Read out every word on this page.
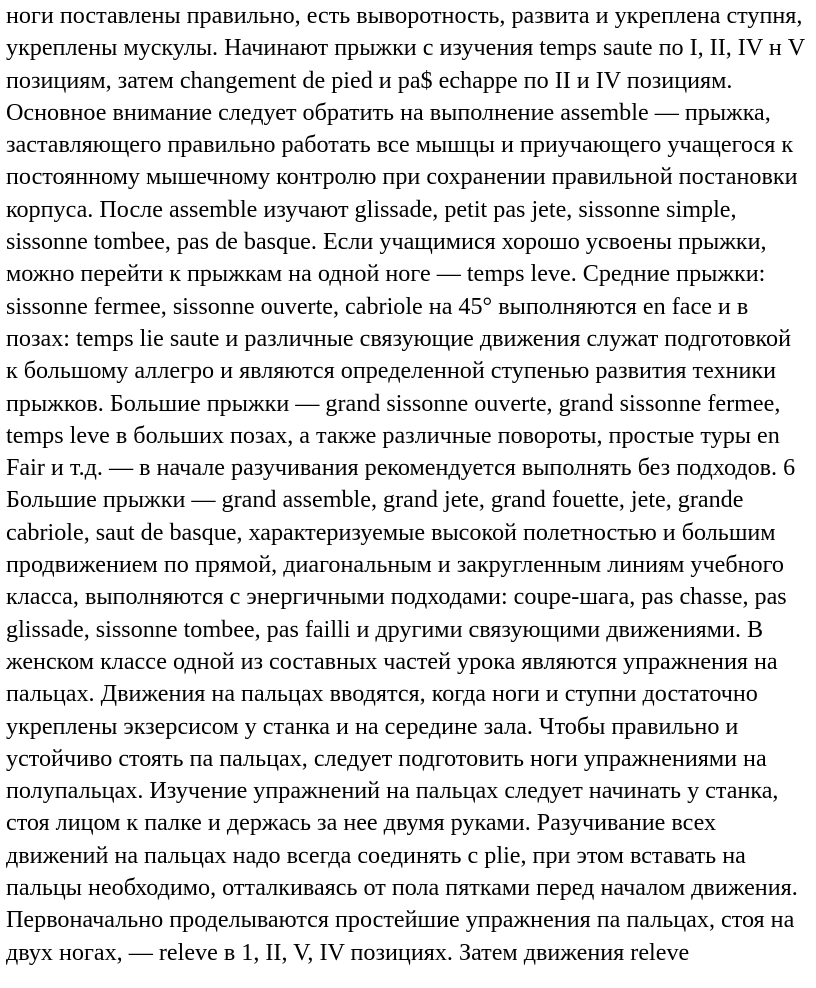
ноги поставлены правильно, есть выворотность, развита и укреплена ступня,

укреплены мускулы. Начинают прыжки с изучения temps saute по I, II, IV н V

позициям, затем changement de pied и pa$ echappe по II и IV позициям.

Основное внимание следует обратить на выполнение assemble — прыжка,

заставляющего правильно работать все мышцы и приучающего учащегося к

постоянному мышечному контролю при сохранении правильной постановки

корпуса. После assemble изучают glissade, petit pas jete, sissonne simple,

sissonne tombee, pas de basque. Если учащимися хорошо усвоены прыжки,

можно перейти к прыжкам на одной ноге — temps leve. Средние прыжки:

sissonne fermee, sissonne ouverte, cabriole на 45° выполняются en face и в

позах: temps lie saute и различные связующие движения служат подготовкой

к большому аллегро и являются определенной ступенью развития техники

прыжков. Большие прыжки — grand sissonne ouverte, grand sissonne fermee,

temps leve в больших позах, а также различные повороты, простые туры en

Fair и т.д. — в начале разучивания рекомендуется выполнять без подходов. 6

Большие прыжки — grand assemble, grand jete, grand fouette, jete, grande

cabriole, saut de basque, характеризуемые высокой полетностью и большим

продвижением по прямой, диагональным и закругленным линиям учебного

класса, выполняются с энергичными подходами: coupe-шага, pas chasse, pas

glissade, sissonne tombee, pas failli и другими связующими движениями. В

женском классе одной из составных частей урока являются упражнения на

пальцах. Движения на пальцах вводятся, когда ноги и ступни достаточно

укреплены экзерсисом у станка и на середине зала. Чтобы правильно и

устойчиво стоять па пальцах, следует подготовить ноги упражнениями на

полупальцах. Изучение упражнений на пальцах следует начинать у станка,

стоя лицом к палке и держась за нее двумя руками. Разучивание всех

движений на пальцах надо всегда соединять с plie, при этом вставать на

пальцы необходимо, отталкиваясь от пола пятками перед началом движения.

Первоначально проделываются простейшие упражнения па пальцах, стоя на

двух ногах, — releve в 1, II, V, IV позициях. Затем движения releve
